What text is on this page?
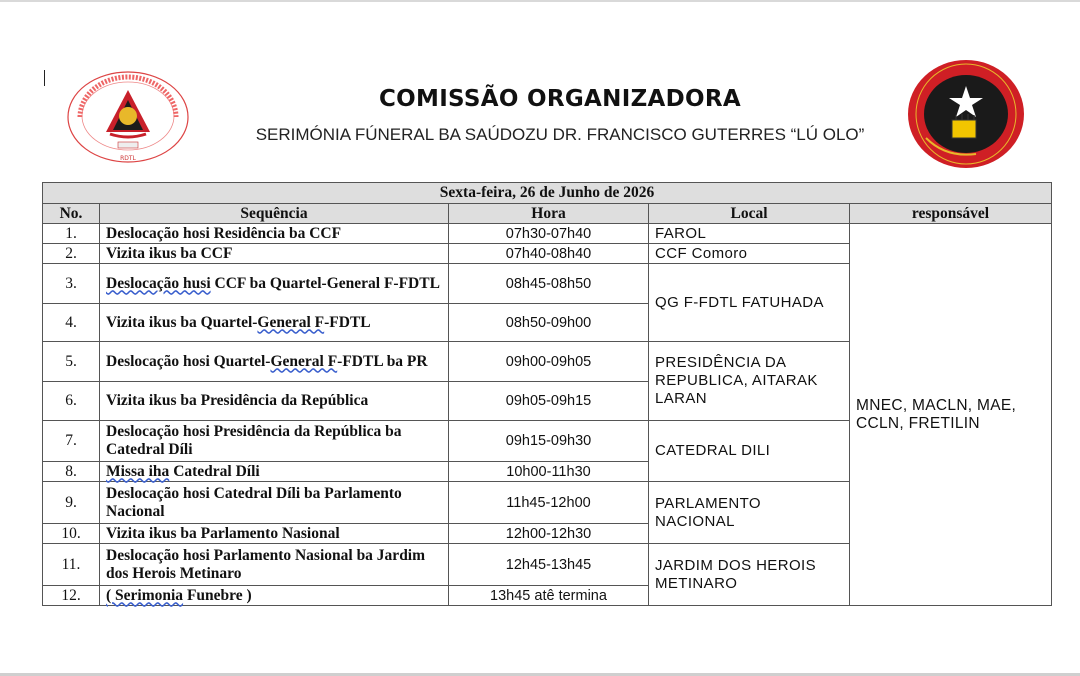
RDTL
COMISSÃO ORGANIZADORA
SERIMÓNIA FÚNERAL BA SAÚDOZU DR. FRANCISCO GUTERRES “LÚ OLO”
Sexta-feira, 26 de Junho de 2026				
No.	Sequência	Hora	Local	responsável
1.	Deslocação hosi Residência ba CCF	07h30-07h40	FAROL	MNEC, MACLN, MAE, CCLN, FRETILIN
2.	Vizita ikus ba CCF	07h40-08h40	CCF Comoro	
3.	Deslocação husi CCF ba Quartel-General F-FDTL	08h45-08h50	QG F-FDTL FATUHADA	
4.	Vizita ikus ba Quartel-General F-FDTL	08h50-09h00		
5.	Deslocação hosi Quartel-General F-FDTL ba PR	09h00-09h05	PRESIDÊNCIA DA REPUBLICA, AITARAK LARAN	
6.	Vizita ikus ba Presidência da República	09h05-09h15		
7.	Deslocação hosi Presidência da República ba Catedral Díli	09h15-09h30	CATEDRAL DILI	
8.	Missa iha Catedral Díli	10h00-11h30		
9.	Deslocação hosi Catedral Díli ba Parlamento Nacional	11h45-12h00	PARLAMENTO NACIONAL	
10.	Vizita ikus ba Parlamento Nasional	12h00-12h30		
11.	Deslocação hosi Parlamento Nasional ba Jardim dos Herois Metinaro	12h45-13h45	JARDIM DOS HEROIS METINARO	
12.	( Serimonia Funebre )	13h45 atê termina		
